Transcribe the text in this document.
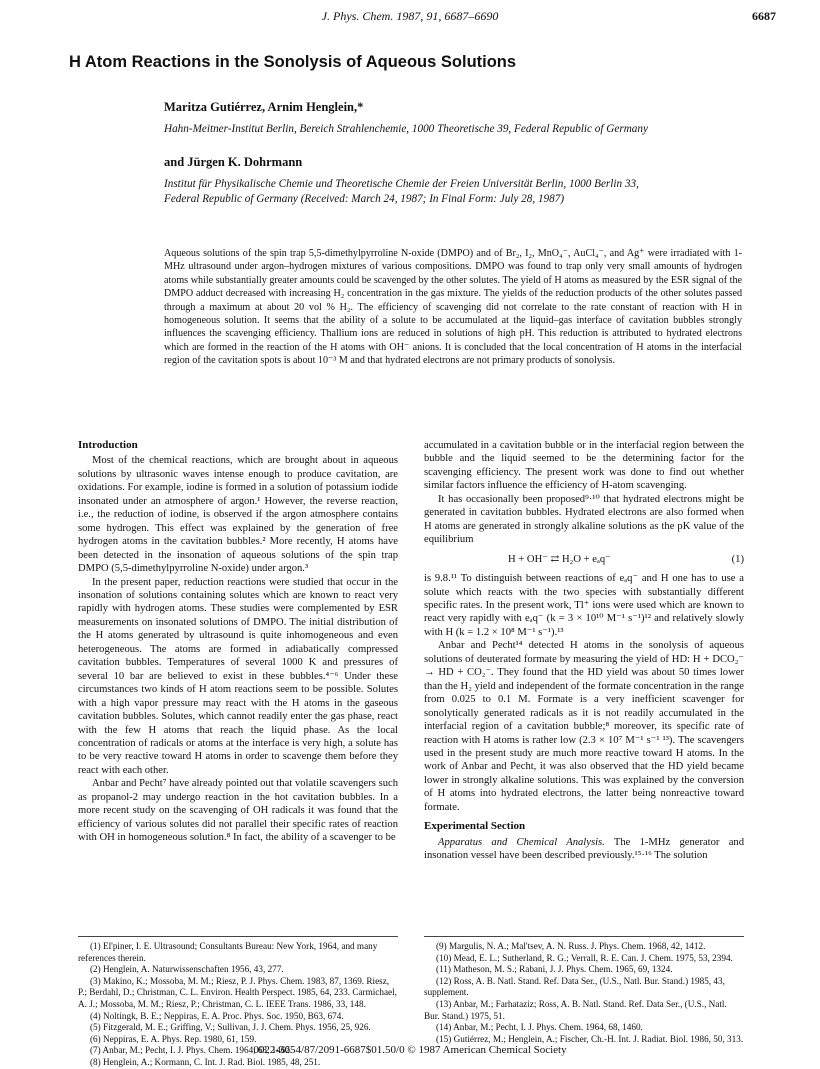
J. Phys. Chem. 1987, 91, 6687–6690	6687
H Atom Reactions in the Sonolysis of Aqueous Solutions
Maritza Gutiérrez, Arnim Henglein,*
Hahn-Meitner-Institut Berlin, Bereich Strahlenchemie, 1000 Theoretische 39, Federal Republic of Germany
and Jürgen K. Dohrmann
Institut für Physikalische Chemie und Theoretische Chemie der Freien Universität Berlin, 1000 Berlin 33,
Federal Republic of Germany (Received: March 24, 1987; In Final Form: July 28, 1987)
Aqueous solutions of the spin trap 5,5-dimethylpyrroline N-oxide (DMPO) and of Br₂, I₂, MnO₄⁻, AuCl₄⁻, and Ag⁺ were irradiated with 1-MHz ultrasound under argon–hydrogen mixtures of various compositions. DMPO was found to trap only very small amounts of hydrogen atoms while substantially greater amounts could be scavenged by the other solutes. The yield of H atoms as measured by the ESR signal of the DMPO adduct decreased with increasing H₂ concentration in the gas mixture. The yields of the reduction products of the other solutes passed through a maximum at about 20 vol % H₂. The efficiency of scavenging did not correlate to the rate constant of reaction with H in homogeneous solution. It seems that the ability of a solute to be accumulated at the liquid–gas interface of cavitation bubbles strongly influences the scavenging efficiency. Thallium ions are reduced in solutions of high pH. This reduction is attributed to hydrated electrons which are formed in the reaction of the H atoms with OH⁻ anions. It is concluded that the local concentration of H atoms in the interfacial region of the cavitation spots is about 10⁻³ M and that hydrated electrons are not primary products of sonolysis.
Introduction

Most of the chemical reactions, which are brought about in aqueous solutions by ultrasonic waves intense enough to produce cavitation, are oxidations. For example, iodine is formed in a solution of potassium iodide insonated under an atmosphere of argon.¹ However, the reverse reaction, i.e., the reduction of iodine, is observed if the argon atmosphere contains some hydrogen. This effect was explained by the generation of free hydrogen atoms in the cavitation bubbles.² More recently, H atoms have been detected in the insonation of aqueous solutions of the spin trap DMPO (5,5-dimethylpyrroline N-oxide) under argon.³

In the present paper, reduction reactions were studied that occur in the insonation of solutions containing solutes which are known to react very rapidly with hydrogen atoms. These studies were complemented by ESR measurements on insonated solutions of DMPO. The initial distribution of the H atoms generated by ultrasound is quite inhomogeneous and even heterogeneous. The atoms are formed in adiabatically compressed cavitation bubbles. Temperatures of several 1000 K and pressures of several 10 bar are believed to exist in these bubbles.⁴⁻⁶ Under these circumstances two kinds of H atom reactions seem to be possible. Solutes with a high vapor pressure may react with the H atoms in the gaseous cavitation bubbles. Solutes, which cannot readily enter the gas phase, react with the few H atoms that reach the liquid phase. As the local concentration of radicals or atoms at the interface is very high, a solute has to be very reactive toward H atoms in order to scavenge them before they react with each other.

Anbar and Pecht⁷ have already pointed out that volatile scavengers such as propanol-2 may undergo reaction in the hot cavitation bubbles. In a more recent study on the scavenging of OH radicals it was found that the efficiency of various solutes did not parallel their specific rates of reaction with OH in homogeneous solution.⁸ In fact, the ability of a scavenger to be

accumulated in a cavitation bubble or in the interfacial region between the bubble and the liquid seemed to be the determining factor for the scavenging efficiency. The present work was done to find out whether similar factors influence the efficiency of H-atom scavenging.

It has occasionally been proposed⁹·¹⁰ that hydrated electrons might be generated in cavitation bubbles. Hydrated electrons are also formed when H atoms are generated in strongly alkaline solutions as the pK value of the equilibrium

H + OH⁻ ⇄ H₂O + eₐq⁻	(1)

is 9.8.¹¹ To distinguish between reactions of eₐq⁻ and H one has to use a solute which reacts with the two species with substantially different specific rates. In the present work, Tl⁺ ions were used which are known to react very rapidly with eₐq⁻ (k = 3 × 10¹⁰ M⁻¹ s⁻¹)¹² and relatively slowly with H (k = 1.2 × 10⁸ M⁻¹ s⁻¹).¹³

Anbar and Pecht¹⁴ detected H atoms in the sonolysis of aqueous solutions of deuterated formate by measuring the yield of HD: H + DCO₂⁻ → HD + CO₂⁻. They found that the HD yield was about 50 times lower than the H₂ yield and independent of the formate concentration in the range from 0.025 to 0.1 M. Formate is a very inefficient scavenger for sonolytically generated radicals as it is not readily accumulated in the interfacial region of a cavitation bubble;⁸ moreover, its specific rate of reaction with H atoms is rather low (2.3 × 10⁷ M⁻¹ s⁻¹ ¹³). The scavengers used in the present study are much more reactive toward H atoms. In the work of Anbar and Pecht, it was also observed that the HD yield became lower in strongly alkaline solutions. This was explained by the conversion of H atoms into hydrated electrons, the latter being nonreactive toward formate.

Experimental Section

Apparatus and Chemical Analysis. The 1-MHz generator and insonation vessel have been described previously.¹⁵·¹⁶ The solution

(1) El'piner, I. E. Ultrasound; Consultants Bureau: New York, 1964, and many references therein.
(2) Henglein, A. Naturwissenschaften 1956, 43, 277.
(3) Makino, K.; Mossoba, M. M.; Riesz, P. J. Phys. Chem. 1983, 87, 1369. Riesz, P.; Berdahl, D.; Christman, C. L. Environ. Health Perspect. 1985, 64, 233. Carmichael, A. J.; Mossoba, M. M.; Riesz, P.; Christman, C. L. IEEE Trans. 1986, 33, 148.
(4) Noltingk, B. E.; Neppiras, E. A. Proc. Phys. Soc. 1950, B63, 674.
(5) Fitzgerald, M. E.; Griffing, V.; Sullivan, J. J. Chem. Phys. 1956, 25, 926.
(6) Neppiras, E. A. Phys. Rep. 1980, 61, 159.
(7) Anbar, M.; Pecht, I. J. Phys. Chem. 1964, 68, 1462.
(8) Henglein, A.; Kormann, C. Int. J. Rad. Biol. 1985, 48, 251.
(9) Margulis, N. A.; Mal'tsev, A. N. Russ. J. Phys. Chem. 1968, 42, 1412.
(10) Mead, E. L.; Sutherland, R. G.; Verrall, R. E. Can. J. Chem. 1975, 53, 2394.
(11) Matheson, M. S.; Rabani, J. J. Phys. Chem. 1965, 69, 1324.
(12) Ross, A. B. Natl. Stand. Ref. Data Ser., (U.S., Natl. Bur. Stand.) 1985, 43, supplement.
(13) Anbar, M.; Farhataziz; Ross, A. B. Natl. Stand. Ref. Data Ser., (U.S., Natl. Bur. Stand.) 1975, 51.
(14) Anbar, M.; Pecht, I. J. Phys. Chem. 1964, 68, 1460.
(15) Gutiérrez, M.; Henglein, A.; Fischer, Ch.-H. Int. J. Radiat. Biol. 1986, 50, 313.
0022-3654/87/2091-6687$01.50/0 © 1987 American Chemical Society
